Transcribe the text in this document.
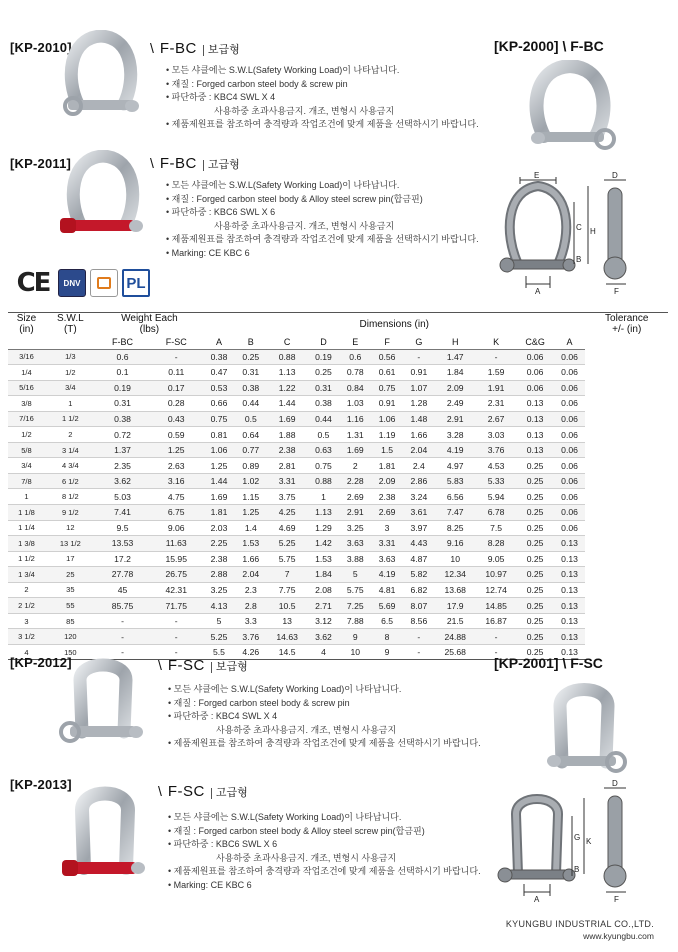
[KP-2010]	\ F-BC	보급형
• 모든 샤클에는 S.W.L(Safety Working Load)이 나타납니다.
• 재질 : Forged carbon steel body & screw pin
• 파단하중 : KBC4 SWL X 4
사용하중 초과사용금지. 개조, 변형시 사용금지
• 제품제원표를 참조하여 충격량과 작업조건에 맞게 제품을 선택하시기 바랍니다.
[KP-2011]	\ F-BC	고급형
• 모든 샤클에는 S.W.L(Safety Working Load)이 나타납니다.
• 재질 : Forged carbon steel body & Alloy steel screw pin(합금핀)
• 파단하중 : KBC6 SWL X 6
사용하중 초과사용금지. 개조, 변형시 사용금지
• 제품제원표를 참조하여 충격량과 작업조건에 맞게 제품을 선택하시기 바랍니다.
• Marking: CE KBC 6
CE	DNV	PL
[KP-2000] \ F-BC
KBC
E	D
C H
B
A	F
Size
(in)	S.W.L
(T)	Weight Each
(lbs)		Dimensions (in)											Tolerance
+/- (in)

		F-BC	F-SC	A	B	C	D	E	F	G	H	K	C&G	A	
3/16	1/3	0.6	-	0.38	0.25	0.88	0.19	0.6	0.56	-	1.47	-	0.06	0.06	
1/4	1/2	0.1	0.11	0.47	0.31	1.13	0.25	0.78	0.61	0.91	1.84	1.59	0.06	0.06	
5/16	3/4	0.19	0.17	0.53	0.38	1.22	0.31	0.84	0.75	1.07	2.09	1.91	0.06	0.06	
3/8	1	0.31	0.28	0.66	0.44	1.44	0.38	1.03	0.91	1.28	2.49	2.31	0.13	0.06	
7/16	1 1/2	0.38	0.43	0.75	0.5	1.69	0.44	1.16	1.06	1.48	2.91	2.67	0.13	0.06	
1/2	2	0.72	0.59	0.81	0.64	1.88	0.5	1.31	1.19	1.66	3.28	3.03	0.13	0.06	
5/8	3 1/4	1.37	1.25	1.06	0.77	2.38	0.63	1.69	1.5	2.04	4.19	3.76	0.13	0.06	
3/4	4 3/4	2.35	2.63	1.25	0.89	2.81	0.75	2	1.81	2.4	4.97	4.53	0.25	0.06	
7/8	6 1/2	3.62	3.16	1.44	1.02	3.31	0.88	2.28	2.09	2.86	5.83	5.33	0.25	0.06	
1	8 1/2	5.03	4.75	1.69	1.15	3.75	1	2.69	2.38	3.24	6.56	5.94	0.25	0.06	
1 1/8	9 1/2	7.41	6.75	1.81	1.25	4.25	1.13	2.91	2.69	3.61	7.47	6.78	0.25	0.06	
1 1/4	12	9.5	9.06	2.03	1.4	4.69	1.29	3.25	3	3.97	8.25	7.5	0.25	0.06	
1 3/8	13 1/2	13.53	11.63	2.25	1.53	5.25	1.42	3.63	3.31	4.43	9.16	8.28	0.25	0.13	
1 1/2	17	17.2	15.95	2.38	1.66	5.75	1.53	3.88	3.63	4.87	10	9.05	0.25	0.13	
1 3/4	25	27.78	26.75	2.88	2.04	7	1.84	5	4.19	5.82	12.34	10.97	0.25	0.13	
2	35	45	42.31	3.25	2.3	7.75	2.08	5.75	4.81	6.82	13.68	12.74	0.25	0.13	
2 1/2	55	85.75	71.75	4.13	2.8	10.5	2.71	7.25	5.69	8.07	17.9	14.85	0.25	0.13	
3	85	-	-	5	3.3	13	3.12	7.88	6.5	8.56	21.5	16.87	0.25	0.13	
3 1/2	120	-	-	5.25	3.76	14.63	3.62	9	8	-	24.88	-	0.25	0.13	
4	150	-	-	5.5	4.26	14.5	4	10	9	-	25.68	-	0.25	0.13	
[KP-2012]	\ F-SC	보급형
• 모든 샤클에는 S.W.L(Safety Working Load)이 나타납니다.
• 재질 : Forged carbon steel body & screw pin
• 파단하중 : KBC4 SWL X 4
사용하중 초과사용금지. 개조, 변형시 사용금지
• 제품제원표를 참조하여 충격량과 작업조건에 맞게 제품을 선택하시기 바랍니다.
[KP-2013]	\ F-SC	고급형
• 모든 샤클에는 S.W.L(Safety Working Load)이 나타납니다.
• 재질 : Forged carbon steel body & Alloy steel screw pin(합금핀)
• 파단하중 : KBC6 SWL X 6
사용하중 초과사용금지. 개조, 변형시 사용금지
• 제품제원표를 참조하여 충격량과 작업조건에 맞게 제품을 선택하시기 바랍니다.
• Marking: CE KBC 6
[KP-2001] \ F-SC
KBC
D
G K
B
A	F
KYUNGBU INDUSTRIAL CO.,LTD.
www.kyungbu.com
